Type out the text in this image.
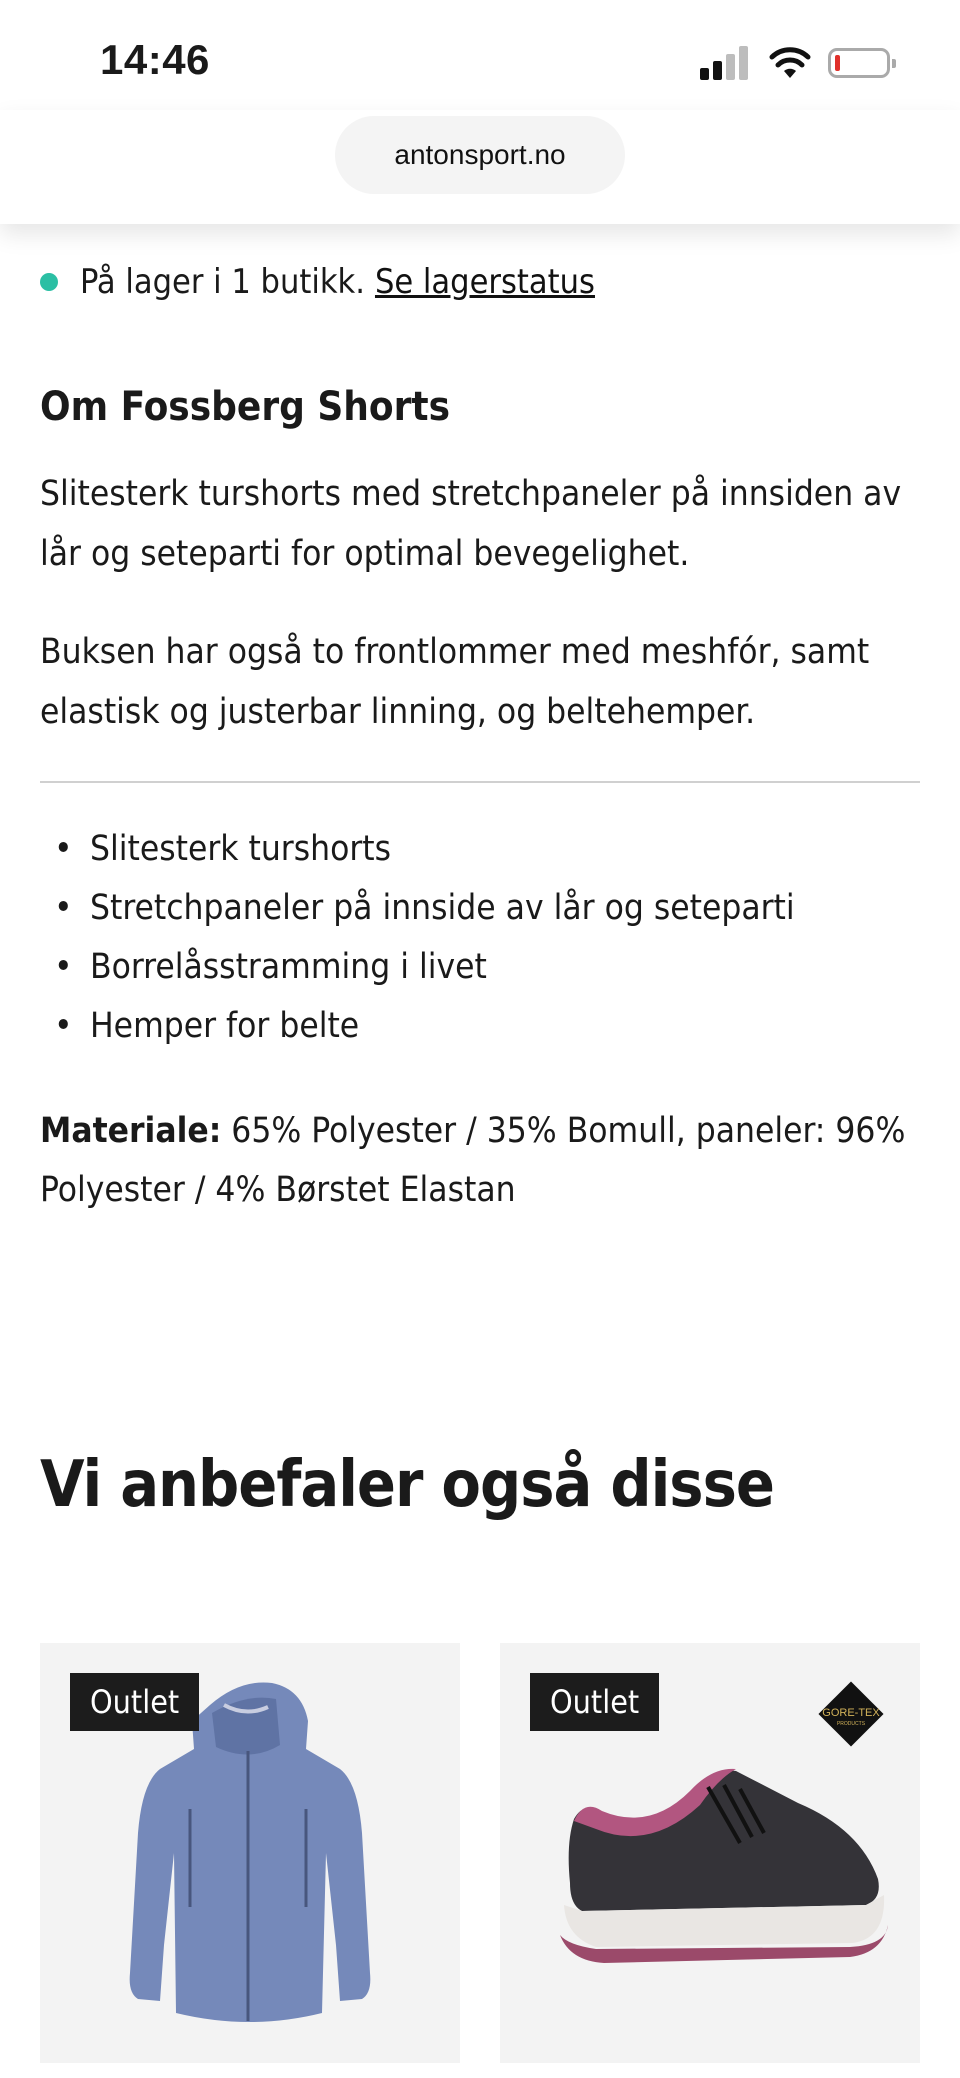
14:46
antonsport.no
På lager i 1 butikk. Se lagerstatus
Om Fossberg Shorts

Slitesterk turshorts med stretchpaneler på innsiden av lår og seteparti for optimal bevegelighet.

Buksen har også to frontlommer med meshfór, samt elastisk og justerbar linning, og beltehemper.

• Slitesterk turshorts
• Stretchpaneler på innside av lår og seteparti
• Borrelåsstramming i livet
• Hemper for belte

Materiale: 65% Polyester / 35% Bomull, paneler: 96% Polyester / 4% Børstet Elastan

Vi anbefaler også disse
Outlet	Outlet	GORE-TEX
PRODUCTS
